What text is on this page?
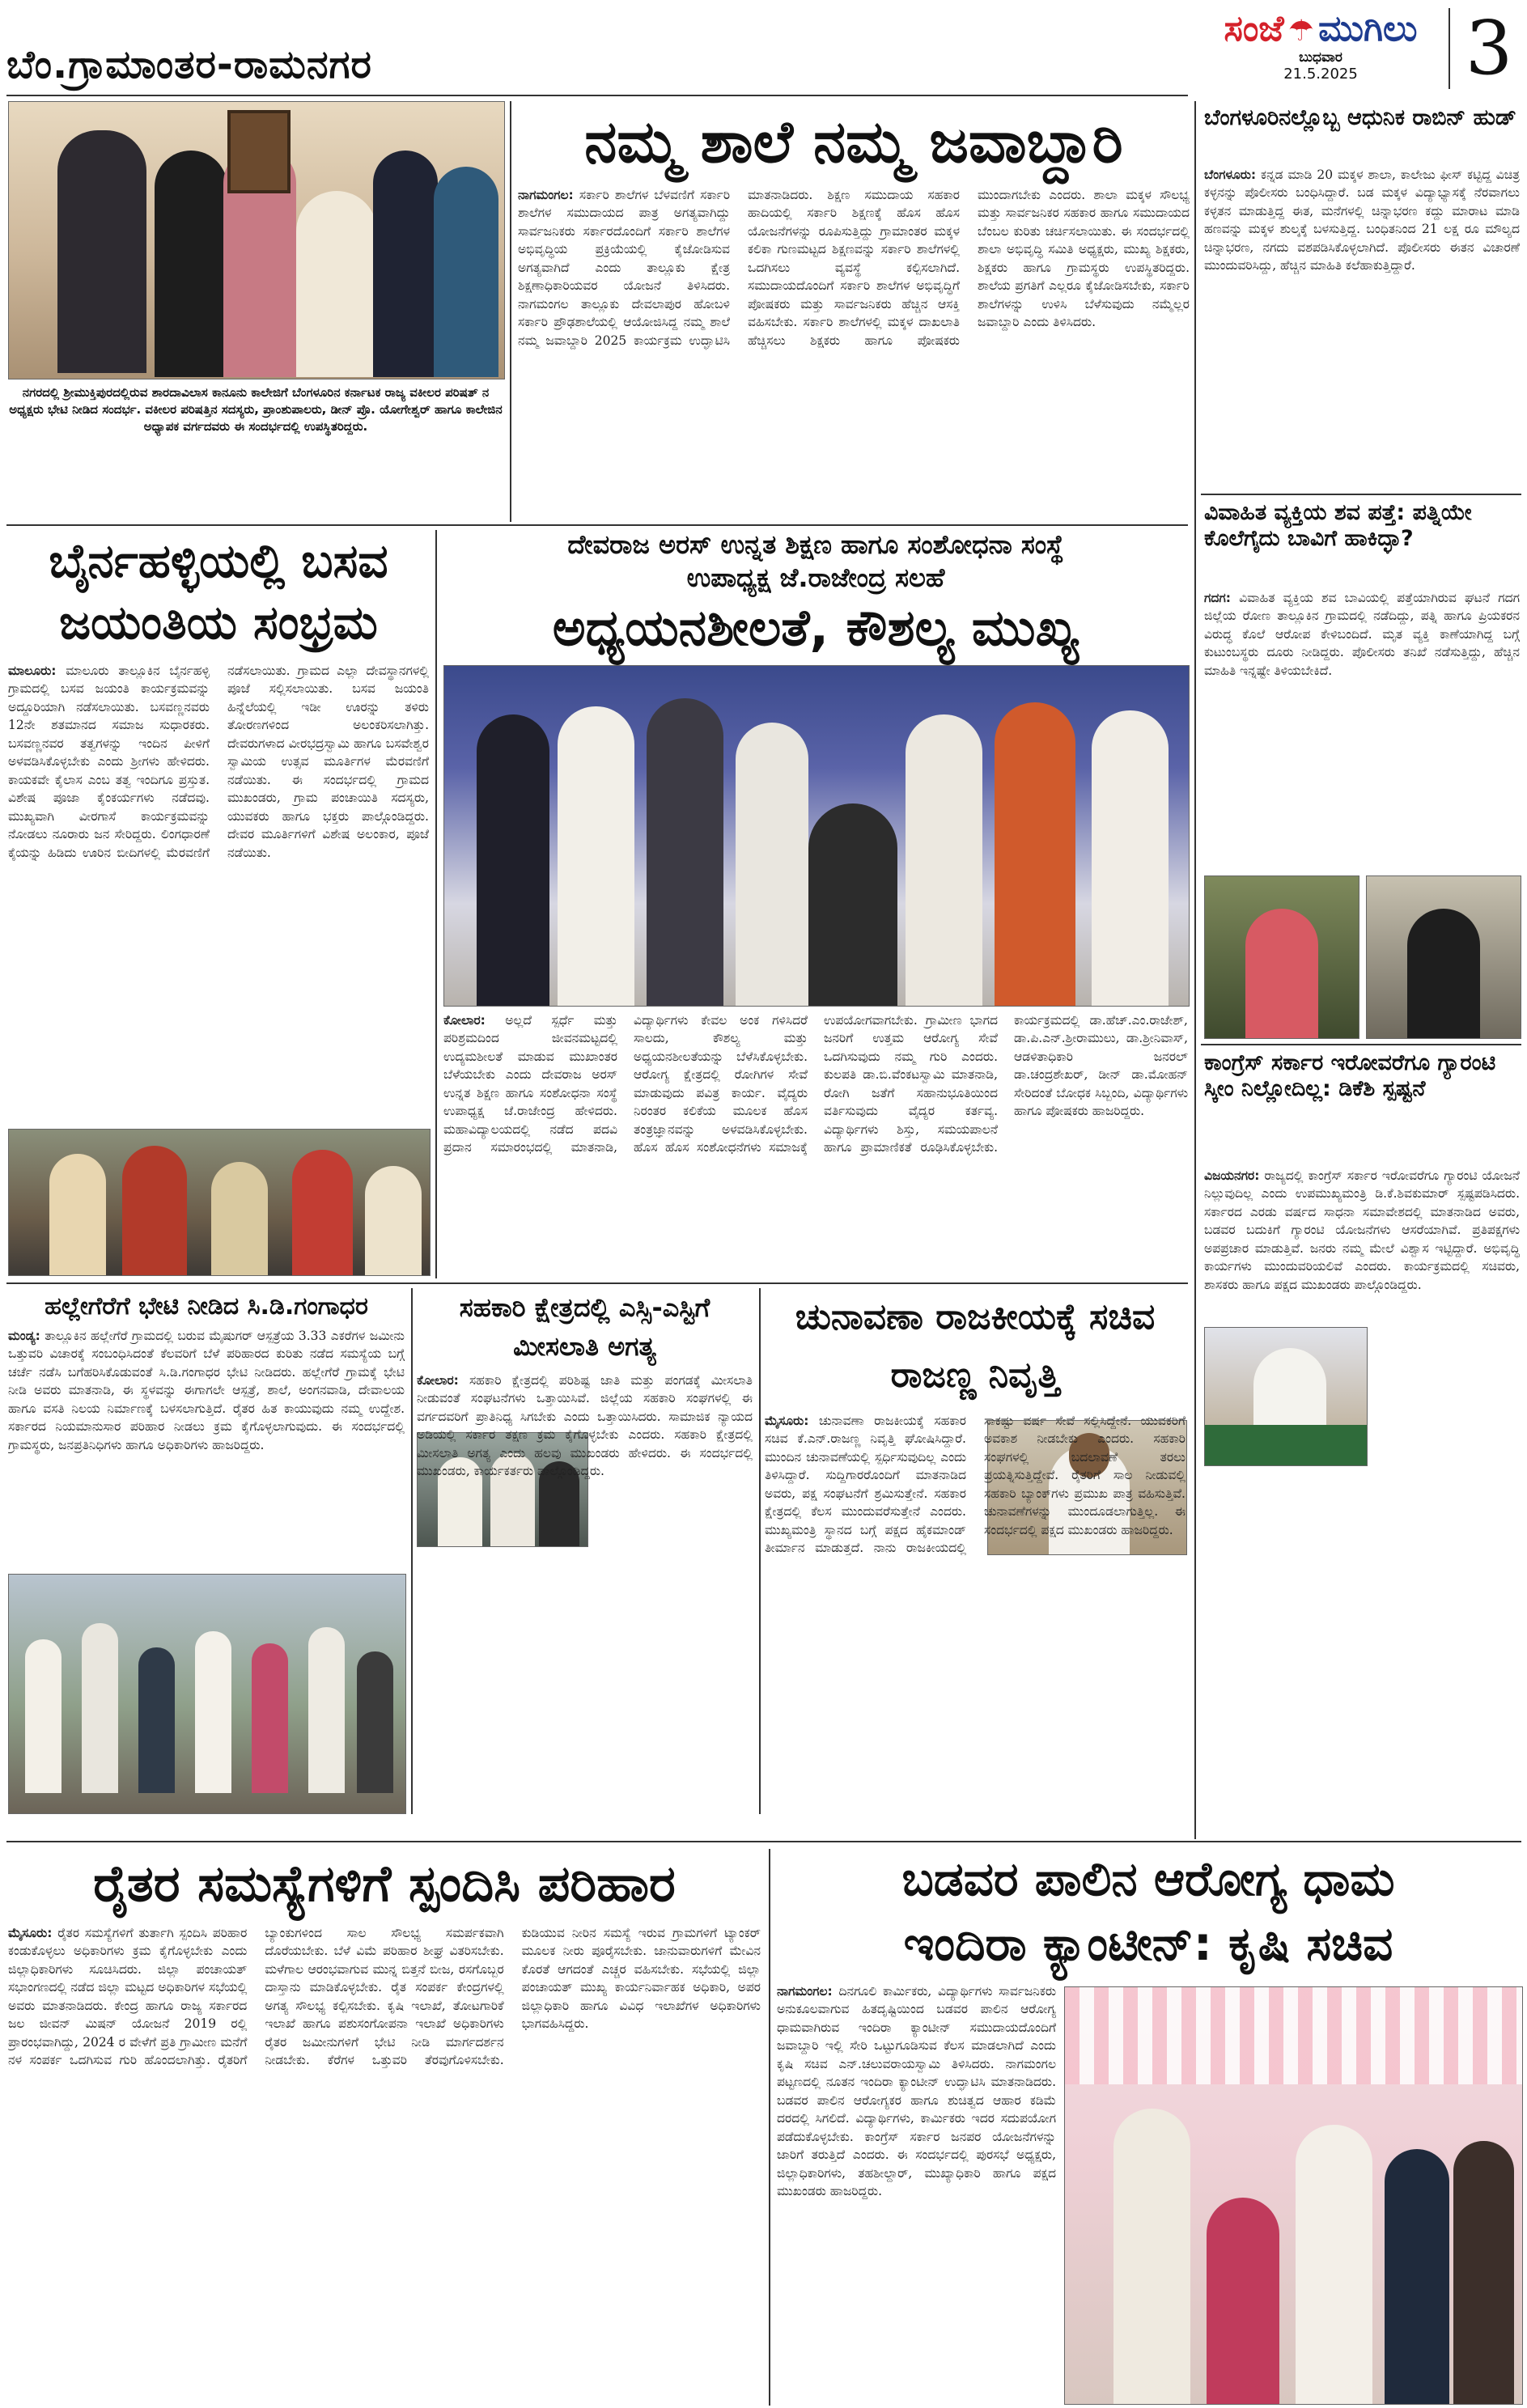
ಬೆಂ.ಗ್ರಾಮಾಂತರ-ರಾಮನಗರ
ಸಂಜೆ ☂ ಮುಗಿಲು
ಬುಧವಾರ
21.5.2025	3
ನಗರದಲ್ಲಿ ಶ್ರೀಮುಕ್ತಿಪುರದಲ್ಲಿರುವ ಶಾರದಾವಿಲಾಸ ಕಾನೂನು ಕಾಲೇಜಿಗೆ ಬೆಂಗಳೂರಿನ ಕರ್ನಾಟಕ ರಾಜ್ಯ ವಕೀಲರ ಪರಿಷತ್ ನ ಅಧ್ಯಕ್ಷರು ಭೇಟಿ ನೀಡಿದ ಸಂದರ್ಭ. ವಕೀಲರ ಪರಿಷತ್ತಿನ ಸದಸ್ಯರು, ಪ್ರಾಂಶುಪಾಲರು, ಡೀನ್ ಪ್ರೊ. ಯೋಗೇಶ್ವರ್ ಹಾಗೂ ಕಾಲೇಜಿನ ಅಧ್ಯಾಪಕ ವರ್ಗದವರು ಈ ಸಂದರ್ಭದಲ್ಲಿ ಉಪಸ್ಥಿತರಿದ್ದರು.
ನಮ್ಮ ಶಾಲೆ ನಮ್ಮ ಜವಾಬ್ದಾರಿ
ನಾಗಮಂಗಲ: ಸರ್ಕಾರಿ ಶಾಲೆಗಳ ಬೆಳವಣಿಗೆ ಸರ್ಕಾರಿ ಶಾಲೆಗಳ ಸಮುದಾಯದ ಪಾತ್ರ ಅಗತ್ಯವಾಗಿದ್ದು ಸಾರ್ವಜನಿಕರು ಸರ್ಕಾರದೊಂದಿಗೆ ಸರ್ಕಾರಿ ಶಾಲೆಗಳ ಅಭಿವೃದ್ಧಿಯ ಪ್ರಕ್ರಿಯೆಯಲ್ಲಿ ಕೈಜೋಡಿಸುವ ಅಗತ್ಯವಾಗಿದೆ ಎಂದು ತಾಲ್ಲೂಕು ಕ್ಷೇತ್ರ ಶಿಕ್ಷಣಾಧಿಕಾರಿಯವರ ಯೋಜನೆ ತಿಳಿಸಿದರು. ನಾಗಮಂಗಲ ತಾಲ್ಲೂಕು ದೇವಲಾಪುರ ಹೋಬಳಿ ಸರ್ಕಾರಿ ಪ್ರೌಢಶಾಲೆಯಲ್ಲಿ ಆಯೋಜಿಸಿದ್ದ ನಮ್ಮ ಶಾಲೆ ನಮ್ಮ ಜವಾಬ್ದಾರಿ 2025 ಕಾರ್ಯಕ್ರಮ ಉದ್ಘಾಟಿಸಿ ಮಾತನಾಡಿದರು. ಶಿಕ್ಷಣ ಸಮುದಾಯ ಸಹಕಾರ ಹಾದಿಯಲ್ಲಿ ಸರ್ಕಾರಿ ಶಿಕ್ಷಣಕ್ಕೆ ಹೊಸ ಹೊಸ ಯೋಜನೆಗಳನ್ನು ರೂಪಿಸುತ್ತಿದ್ದು ಗ್ರಾಮಾಂತರ ಮಕ್ಕಳ ಕಲಿಕಾ ಗುಣಮಟ್ಟದ ಶಿಕ್ಷಣವನ್ನು ಸರ್ಕಾರಿ ಶಾಲೆಗಳಲ್ಲಿ ಒದಗಿಸಲು ವ್ಯವಸ್ಥೆ ಕಲ್ಪಿಸಲಾಗಿದೆ. ಸಮುದಾಯದೊಂದಿಗೆ ಸರ್ಕಾರಿ ಶಾಲೆಗಳ ಅಭಿವೃದ್ಧಿಗೆ ಪೋಷಕರು ಮತ್ತು ಸಾರ್ವಜನಿಕರು ಹೆಚ್ಚಿನ ಆಸಕ್ತಿ ವಹಿಸಬೇಕು. ಸರ್ಕಾರಿ ಶಾಲೆಗಳಲ್ಲಿ ಮಕ್ಕಳ ದಾಖಲಾತಿ ಹೆಚ್ಚಿಸಲು ಶಿಕ್ಷಕರು ಹಾಗೂ ಪೋಷಕರು ಮುಂದಾಗಬೇಕು ಎಂದರು. ಶಾಲಾ ಮಕ್ಕಳ ಸೌಲಭ್ಯ ಮತ್ತು ಸಾರ್ವಜನಿಕರ ಸಹಕಾರ ಹಾಗೂ ಸಮುದಾಯದ ಬೆಂಬಲ ಕುರಿತು ಚರ್ಚಿಸಲಾಯಿತು. ಈ ಸಂದರ್ಭದಲ್ಲಿ ಶಾಲಾ ಅಭಿವೃದ್ಧಿ ಸಮಿತಿ ಅಧ್ಯಕ್ಷರು, ಮುಖ್ಯ ಶಿಕ್ಷಕರು, ಶಿಕ್ಷಕರು ಹಾಗೂ ಗ್ರಾಮಸ್ಥರು ಉಪಸ್ಥಿತರಿದ್ದರು. ಶಾಲೆಯ ಪ್ರಗತಿಗೆ ಎಲ್ಲರೂ ಕೈಜೋಡಿಸಬೇಕು, ಸರ್ಕಾರಿ ಶಾಲೆಗಳನ್ನು ಉಳಿಸಿ ಬೆಳೆಸುವುದು ನಮ್ಮೆಲ್ಲರ ಜವಾಬ್ದಾರಿ ಎಂದು ತಿಳಿಸಿದರು.
ಬೈರ್ನಹಳ್ಳಿಯಲ್ಲಿ ಬಸವ ಜಯಂತಿಯ ಸಂಭ್ರಮ
ಮಾಲೂರು: ಮಾಲೂರು ತಾಲ್ಲೂಕಿನ ಬೈರ್ನಹಳ್ಳಿ ಗ್ರಾಮದಲ್ಲಿ ಬಸವ ಜಯಂತಿ ಕಾರ್ಯಕ್ರಮವನ್ನು ಅದ್ದೂರಿಯಾಗಿ ನಡೆಸಲಾಯಿತು. ಬಸವಣ್ಣನವರು 12ನೇ ಶತಮಾನದ ಸಮಾಜ ಸುಧಾರಕರು. ಬಸವಣ್ಣನವರ ತತ್ವಗಳನ್ನು ಇಂದಿನ ಪೀಳಿಗೆ ಅಳವಡಿಸಿಕೊಳ್ಳಬೇಕು ಎಂದು ಶ್ರೀಗಳು ಹೇಳಿದರು. ಕಾಯಕವೇ ಕೈಲಾಸ ಎಂಬ ತತ್ವ ಇಂದಿಗೂ ಪ್ರಸ್ತುತ. ವಿಶೇಷ ಪೂಜಾ ಕೈಂಕರ್ಯಗಳು ನಡೆದವು. ಮುಖ್ಯವಾಗಿ ವೀರಗಾಸೆ ಕಾರ್ಯಕ್ರಮವನ್ನು ನೋಡಲು ನೂರಾರು ಜನ ಸೇರಿದ್ದರು. ಲಿಂಗಧಾರಣೆ ಕೈಯನ್ನು ಹಿಡಿದು ಊರಿನ ಬೀದಿಗಳಲ್ಲಿ ಮೆರವಣಿಗೆ ನಡೆಸಲಾಯಿತು. ಗ್ರಾಮದ ಎಲ್ಲಾ ದೇವಸ್ಥಾನಗಳಲ್ಲಿ ಪೂಜೆ ಸಲ್ಲಿಸಲಾಯಿತು. ಬಸವ ಜಯಂತಿ ಹಿನ್ನೆಲೆಯಲ್ಲಿ ಇಡೀ ಊರನ್ನು ತಳಿರು ತೋರಣಗಳಿಂದ ಅಲಂಕರಿಸಲಾಗಿತ್ತು. ದೇವರುಗಳಾದ ವೀರಭದ್ರಸ್ವಾಮಿ ಹಾಗೂ ಬಸವೇಶ್ವರ ಸ್ವಾಮಿಯ ಉತ್ಸವ ಮೂರ್ತಿಗಳ ಮೆರವಣಿಗೆ ನಡೆಯಿತು. ಈ ಸಂದರ್ಭದಲ್ಲಿ ಗ್ರಾಮದ ಮುಖಂಡರು, ಗ್ರಾಮ ಪಂಚಾಯಿತಿ ಸದಸ್ಯರು, ಯುವಕರು ಹಾಗೂ ಭಕ್ತರು ಪಾಲ್ಗೊಂಡಿದ್ದರು. ದೇವರ ಮೂರ್ತಿಗಳಿಗೆ ವಿಶೇಷ ಅಲಂಕಾರ, ಪೂಜೆ ನಡೆಯಿತು.
ದೇವರಾಜ ಅರಸ್ ಉನ್ನತ ಶಿಕ್ಷಣ ಹಾಗೂ ಸಂಶೋಧನಾ ಸಂಸ್ಥೆ
ಉಪಾಧ್ಯಕ್ಷ ಜೆ.ರಾಜೇಂದ್ರ ಸಲಹೆ
ಅಧ್ಯಯನಶೀಲತೆ, ಕೌಶಲ್ಯ ಮುಖ್ಯ
ಕೋಲಾರ: ಅಲ್ಲದೆ ಸ್ಪರ್ಧೆ ಮತ್ತು ಪರಿಶ್ರಮದಿಂದ ಜೀವನಮಟ್ಟದಲ್ಲಿ ಉದ್ಯಮಶೀಲತೆ ಮಾಡುವ ಮುಖಾಂತರ ಬೆಳೆಯಬೇಕು ಎಂದು ದೇವರಾಜ ಅರಸ್ ಉನ್ನತ ಶಿಕ್ಷಣ ಹಾಗೂ ಸಂಶೋಧನಾ ಸಂಸ್ಥೆ ಉಪಾಧ್ಯಕ್ಷ ಜೆ.ರಾಜೇಂದ್ರ ಹೇಳಿದರು. ಮಹಾವಿದ್ಯಾಲಯದಲ್ಲಿ ನಡೆದ ಪದವಿ ಪ್ರದಾನ ಸಮಾರಂಭದಲ್ಲಿ ಮಾತನಾಡಿ, ವಿದ್ಯಾರ್ಥಿಗಳು ಕೇವಲ ಅಂಕ ಗಳಿಸಿದರೆ ಸಾಲದು, ಕೌಶಲ್ಯ ಮತ್ತು ಅಧ್ಯಯನಶೀಲತೆಯನ್ನು ಬೆಳೆಸಿಕೊಳ್ಳಬೇಕು. ಆರೋಗ್ಯ ಕ್ಷೇತ್ರದಲ್ಲಿ ರೋಗಿಗಳ ಸೇವೆ ಮಾಡುವುದು ಪವಿತ್ರ ಕಾರ್ಯ. ವೈದ್ಯರು ನಿರಂತರ ಕಲಿಕೆಯ ಮೂಲಕ ಹೊಸ ತಂತ್ರಜ್ಞಾನವನ್ನು ಅಳವಡಿಸಿಕೊಳ್ಳಬೇಕು. ಹೊಸ ಹೊಸ ಸಂಶೋಧನೆಗಳು ಸಮಾಜಕ್ಕೆ ಉಪಯೋಗವಾಗಬೇಕು. ಗ್ರಾಮೀಣ ಭಾಗದ ಜನರಿಗೆ ಉತ್ತಮ ಆರೋಗ್ಯ ಸೇವೆ ಒದಗಿಸುವುದು ನಮ್ಮ ಗುರಿ ಎಂದರು. ಕುಲಪತಿ ಡಾ.ಬಿ.ವೆಂಕಟಸ್ವಾಮಿ ಮಾತನಾಡಿ, ರೋಗಿ ಜತೆಗೆ ಸಹಾನುಭೂತಿಯಿಂದ ವರ್ತಿಸುವುದು ವೈದ್ಯರ ಕರ್ತವ್ಯ. ವಿದ್ಯಾರ್ಥಿಗಳು ಶಿಸ್ತು, ಸಮಯಪಾಲನೆ ಹಾಗೂ ಪ್ರಾಮಾಣಿಕತೆ ರೂಢಿಸಿಕೊಳ್ಳಬೇಕು. ಕಾರ್ಯಕ್ರಮದಲ್ಲಿ ಡಾ.ಹೆಚ್.ಎಂ.ರಾಜೇಶ್, ಡಾ.ಪಿ.ಎನ್.ಶ್ರೀರಾಮುಲು, ಡಾ.ಶ್ರೀನಿವಾಸ್, ಆಡಳಿತಾಧಿಕಾರಿ ಜನರಲ್ ಡಾ.ಚಂದ್ರಶೇಖರ್, ಡೀನ್ ಡಾ.ಮೋಹನ್ ಸೇರಿದಂತೆ ಬೋಧಕ ಸಿಬ್ಬಂದಿ, ವಿದ್ಯಾರ್ಥಿಗಳು ಹಾಗೂ ಪೋಷಕರು ಹಾಜರಿದ್ದರು.
ಹಲ್ಲೇಗೆರೆಗೆ ಭೇಟಿ ನೀಡಿದ ಸಿ.ಡಿ.ಗಂಗಾಧರ
ಮಂಡ್ಯ: ತಾಲ್ಲೂಕಿನ ಹಲ್ಲೇಗೆರೆ ಗ್ರಾಮದಲ್ಲಿ ಬರುವ ಮೈಷುಗರ್ ಆಸ್ಪತ್ರೆಯ 3.33 ಎಕರೆಗಳ ಜಮೀನು ಒತ್ತುವರಿ ವಿಚಾರಕ್ಕೆ ಸಂಬಂಧಿಸಿದಂತೆ ಕೆಲವರಿಗೆ ಬೆಳೆ ಪರಿಹಾರದ ಕುರಿತು ನಡೆದ ಸಮಸ್ಯೆಯ ಬಗ್ಗೆ ಚರ್ಚೆ ನಡೆಸಿ ಬಗೆಹರಿಸಿಕೊಡುವಂತೆ ಸಿ.ಡಿ.ಗಂಗಾಧರ ಭೇಟಿ ನೀಡಿದರು. ಹಲ್ಲೇಗೆರೆ ಗ್ರಾಮಕ್ಕೆ ಭೇಟಿ ನೀಡಿ ಅವರು ಮಾತನಾಡಿ, ಈ ಸ್ಥಳವನ್ನು ಈಗಾಗಲೇ ಆಸ್ಪತ್ರೆ, ಶಾಲೆ, ಅಂಗನವಾಡಿ, ದೇವಾಲಯ ಹಾಗೂ ವಸತಿ ನಿಲಯ ನಿರ್ಮಾಣಕ್ಕೆ ಬಳಸಲಾಗುತ್ತಿದೆ. ರೈತರ ಹಿತ ಕಾಯುವುದು ನಮ್ಮ ಉದ್ದೇಶ. ಸರ್ಕಾರದ ನಿಯಮಾನುಸಾರ ಪರಿಹಾರ ನೀಡಲು ಕ್ರಮ ಕೈಗೊಳ್ಳಲಾಗುವುದು. ಈ ಸಂದರ್ಭದಲ್ಲಿ ಗ್ರಾಮಸ್ಥರು, ಜನಪ್ರತಿನಿಧಿಗಳು ಹಾಗೂ ಅಧಿಕಾರಿಗಳು ಹಾಜರಿದ್ದರು.
ಸಹಕಾರಿ ಕ್ಷೇತ್ರದಲ್ಲಿ ಎಸ್ಸಿ-ಎಸ್ಟಿಗೆ ಮೀಸಲಾತಿ ಅಗತ್ಯ
ಕೋಲಾರ: ಸಹಕಾರಿ ಕ್ಷೇತ್ರದಲ್ಲಿ ಪರಿಶಿಷ್ಟ ಜಾತಿ ಮತ್ತು ಪಂಗಡಕ್ಕೆ ಮೀಸಲಾತಿ ನೀಡುವಂತೆ ಸಂಘಟನೆಗಳು ಒತ್ತಾಯಿಸಿವೆ. ಜಿಲ್ಲೆಯ ಸಹಕಾರಿ ಸಂಘಗಳಲ್ಲಿ ಈ ವರ್ಗದವರಿಗೆ ಪ್ರಾತಿನಿಧ್ಯ ಸಿಗಬೇಕು ಎಂದು ಒತ್ತಾಯಿಸಿದರು. ಸಾಮಾಜಿಕ ನ್ಯಾಯದ ಅಡಿಯಲ್ಲಿ ಸರ್ಕಾರ ತಕ್ಷಣ ಕ್ರಮ ಕೈಗೊಳ್ಳಬೇಕು ಎಂದರು. ಸಹಕಾರಿ ಕ್ಷೇತ್ರದಲ್ಲಿ ಮೀಸಲಾತಿ ಅಗತ್ಯ ಎಂದು ಹಲವು ಮುಖಂಡರು ಹೇಳಿದರು. ಈ ಸಂದರ್ಭದಲ್ಲಿ ಮುಖಂಡರು, ಕಾರ್ಯಕರ್ತರು ಪಾಲ್ಗೊಂಡಿದ್ದರು.
ಚುನಾವಣಾ ರಾಜಕೀಯಕ್ಕೆ ಸಚಿವ ರಾಜಣ್ಣ ನಿವೃತ್ತಿ
ಮೈಸೂರು: ಚುನಾವಣಾ ರಾಜಕೀಯಕ್ಕೆ ಸಹಕಾರ ಸಚಿವ ಕೆ.ಎನ್.ರಾಜಣ್ಣ ನಿವೃತ್ತಿ ಘೋಷಿಸಿದ್ದಾರೆ. ಮುಂದಿನ ಚುನಾವಣೆಯಲ್ಲಿ ಸ್ಪರ್ಧಿಸುವುದಿಲ್ಲ ಎಂದು ತಿಳಿಸಿದ್ದಾರೆ. ಸುದ್ದಿಗಾರರೊಂದಿಗೆ ಮಾತನಾಡಿದ ಅವರು, ಪಕ್ಷ ಸಂಘಟನೆಗೆ ಶ್ರಮಿಸುತ್ತೇನೆ. ಸಹಕಾರ ಕ್ಷೇತ್ರದಲ್ಲಿ ಕೆಲಸ ಮುಂದುವರೆಸುತ್ತೇನೆ ಎಂದರು. ಮುಖ್ಯಮಂತ್ರಿ ಸ್ಥಾನದ ಬಗ್ಗೆ ಪಕ್ಷದ ಹೈಕಮಾಂಡ್ ತೀರ್ಮಾನ ಮಾಡುತ್ತದೆ. ನಾನು ರಾಜಕೀಯದಲ್ಲಿ ಸಾಕಷ್ಟು ವರ್ಷ ಸೇವೆ ಸಲ್ಲಿಸಿದ್ದೇನೆ. ಯುವಕರಿಗೆ ಅವಕಾಶ ನೀಡಬೇಕು ಎಂದರು. ಸಹಕಾರಿ ಸಂಘಗಳಲ್ಲಿ ಬದಲಾವಣೆ ತರಲು ಪ್ರಯತ್ನಿಸುತ್ತಿದ್ದೇವೆ. ರೈತರಿಗೆ ಸಾಲ ನೀಡುವಲ್ಲಿ ಸಹಕಾರಿ ಬ್ಯಾಂಕ್‌ಗಳು ಪ್ರಮುಖ ಪಾತ್ರ ವಹಿಸುತ್ತಿವೆ. ಚುನಾವಣೆಗಳನ್ನು ಮುಂದೂಡಲಾಗುತ್ತಿಲ್ಲ. ಈ ಸಂದರ್ಭದಲ್ಲಿ ಪಕ್ಷದ ಮುಖಂಡರು ಹಾಜರಿದ್ದರು.
ಬೆಂಗಳೂರಿನಲ್ಲೊಬ್ಬ ಆಧುನಿಕ ರಾಬಿನ್ ಹುಡ್
ಬೆಂಗಳೂರು: ಕನ್ನಡ ಮಾಡಿ 20 ಮಕ್ಕಳ ಶಾಲಾ, ಕಾಲೇಜು ಫೀಸ್ ಕಟ್ಟಿದ್ದ ವಿಚಿತ್ರ ಕಳ್ಳನನ್ನು ಪೊಲೀಸರು ಬಂಧಿಸಿದ್ದಾರೆ. ಬಡ ಮಕ್ಕಳ ವಿದ್ಯಾಭ್ಯಾಸಕ್ಕೆ ನೆರವಾಗಲು ಕಳ್ಳತನ ಮಾಡುತ್ತಿದ್ದ ಈತ, ಮನೆಗಳಲ್ಲಿ ಚಿನ್ನಾಭರಣ ಕದ್ದು ಮಾರಾಟ ಮಾಡಿ ಹಣವನ್ನು ಮಕ್ಕಳ ಶುಲ್ಕಕ್ಕೆ ಬಳಸುತ್ತಿದ್ದ. ಬಂಧಿತನಿಂದ 21 ಲಕ್ಷ ರೂ ಮೌಲ್ಯದ ಚಿನ್ನಾಭರಣ, ನಗದು ವಶಪಡಿಸಿಕೊಳ್ಳಲಾಗಿದೆ. ಪೊಲೀಸರು ಈತನ ವಿಚಾರಣೆ ಮುಂದುವರಿಸಿದ್ದು, ಹೆಚ್ಚಿನ ಮಾಹಿತಿ ಕಲೆಹಾಕುತ್ತಿದ್ದಾರೆ.
ವಿವಾಹಿತ ವ್ಯಕ್ತಿಯ ಶವ ಪತ್ತೆ: ಪತ್ನಿಯೇ ಕೊಲೆಗೈದು ಬಾವಿಗೆ ಹಾಕಿದ್ಳಾ?
ಗದಗ: ವಿವಾಹಿತ ವ್ಯಕ್ತಿಯ ಶವ ಬಾವಿಯಲ್ಲಿ ಪತ್ತೆಯಾಗಿರುವ ಘಟನೆ ಗದಗ ಜಿಲ್ಲೆಯ ರೋಣ ತಾಲ್ಲೂಕಿನ ಗ್ರಾಮದಲ್ಲಿ ನಡೆದಿದ್ದು, ಪತ್ನಿ ಹಾಗೂ ಪ್ರಿಯಕರನ ವಿರುದ್ಧ ಕೊಲೆ ಆರೋಪ ಕೇಳಿಬಂದಿದೆ. ಮೃತ ವ್ಯಕ್ತಿ ಕಾಣೆಯಾಗಿದ್ದ ಬಗ್ಗೆ ಕುಟುಂಬಸ್ಥರು ದೂರು ನೀಡಿದ್ದರು. ಪೊಲೀಸರು ತನಿಖೆ ನಡೆಸುತ್ತಿದ್ದು, ಹೆಚ್ಚಿನ ಮಾಹಿತಿ ಇನ್ನಷ್ಟೇ ತಿಳಿಯಬೇಕಿದೆ.
ಕಾಂಗ್ರೆಸ್ ಸರ್ಕಾರ ಇರೋವರೆಗೂ ಗ್ಯಾರಂಟಿ ಸ್ಕೀಂ ನಿಲ್ಲೋದಿಲ್ಲ: ಡಿಕೆಶಿ ಸ್ಪಷ್ಟನೆ
ವಿಜಯನಗರ: ರಾಜ್ಯದಲ್ಲಿ ಕಾಂಗ್ರೆಸ್ ಸರ್ಕಾರ ಇರೋವರೆಗೂ ಗ್ಯಾರಂಟಿ ಯೋಜನೆ ನಿಲ್ಲುವುದಿಲ್ಲ ಎಂದು ಉಪಮುಖ್ಯಮಂತ್ರಿ ಡಿ.ಕೆ.ಶಿವಕುಮಾರ್ ಸ್ಪಷ್ಟಪಡಿಸಿದರು. ಸರ್ಕಾರದ ಎರಡು ವರ್ಷದ ಸಾಧನಾ ಸಮಾವೇಶದಲ್ಲಿ ಮಾತನಾಡಿದ ಅವರು, ಬಡವರ ಬದುಕಿಗೆ ಗ್ಯಾರಂಟಿ ಯೋಜನೆಗಳು ಆಸರೆಯಾಗಿವೆ. ಪ್ರತಿಪಕ್ಷಗಳು ಅಪಪ್ರಚಾರ ಮಾಡುತ್ತಿವೆ. ಜನರು ನಮ್ಮ ಮೇಲೆ ವಿಶ್ವಾಸ ಇಟ್ಟಿದ್ದಾರೆ. ಅಭಿವೃದ್ಧಿ ಕಾರ್ಯಗಳು ಮುಂದುವರಿಯಲಿವೆ ಎಂದರು. ಕಾರ್ಯಕ್ರಮದಲ್ಲಿ ಸಚಿವರು, ಶಾಸಕರು ಹಾಗೂ ಪಕ್ಷದ ಮುಖಂಡರು ಪಾಲ್ಗೊಂಡಿದ್ದರು.
ರೈತರ ಸಮಸ್ಯೆಗಳಿಗೆ ಸ್ಪಂದಿಸಿ ಪರಿಹಾರ
ಮೈಸೂರು: ರೈತರ ಸಮಸ್ಯೆಗಳಿಗೆ ತುರ್ತಾಗಿ ಸ್ಪಂದಿಸಿ ಪರಿಹಾರ ಕಂಡುಕೊಳ್ಳಲು ಅಧಿಕಾರಿಗಳು ಕ್ರಮ ಕೈಗೊಳ್ಳಬೇಕು ಎಂದು ಜಿಲ್ಲಾಧಿಕಾರಿಗಳು ಸೂಚಿಸಿದರು. ಜಿಲ್ಲಾ ಪಂಚಾಯತ್ ಸಭಾಂಗಣದಲ್ಲಿ ನಡೆದ ಜಿಲ್ಲಾ ಮಟ್ಟದ ಅಧಿಕಾರಿಗಳ ಸಭೆಯಲ್ಲಿ ಅವರು ಮಾತನಾಡಿದರು. ಕೇಂದ್ರ ಹಾಗೂ ರಾಜ್ಯ ಸರ್ಕಾರದ ಜಲ ಜೀವನ್ ಮಿಷನ್ ಯೋಜನೆ 2019 ರಲ್ಲಿ ಪ್ರಾರಂಭವಾಗಿದ್ದು, 2024 ರ ವೇಳೆಗೆ ಪ್ರತಿ ಗ್ರಾಮೀಣ ಮನೆಗೆ ನಳ ಸಂಪರ್ಕ ಒದಗಿಸುವ ಗುರಿ ಹೊಂದಲಾಗಿತ್ತು. ರೈತರಿಗೆ ಬ್ಯಾಂಕುಗಳಿಂದ ಸಾಲ ಸೌಲಭ್ಯ ಸಮರ್ಪಕವಾಗಿ ದೊರೆಯಬೇಕು. ಬೆಳೆ ವಿಮೆ ಪರಿಹಾರ ಶೀಘ್ರ ವಿತರಿಸಬೇಕು. ಮಳೆಗಾಲ ಆರಂಭವಾಗುವ ಮುನ್ನ ಬಿತ್ತನೆ ಬೀಜ, ರಸಗೊಬ್ಬರ ದಾಸ್ತಾನು ಮಾಡಿಕೊಳ್ಳಬೇಕು. ರೈತ ಸಂಪರ್ಕ ಕೇಂದ್ರಗಳಲ್ಲಿ ಅಗತ್ಯ ಸೌಲಭ್ಯ ಕಲ್ಪಿಸಬೇಕು. ಕೃಷಿ ಇಲಾಖೆ, ತೋಟಗಾರಿಕೆ ಇಲಾಖೆ ಹಾಗೂ ಪಶುಸಂಗೋಪನಾ ಇಲಾಖೆ ಅಧಿಕಾರಿಗಳು ರೈತರ ಜಮೀನುಗಳಿಗೆ ಭೇಟಿ ನೀಡಿ ಮಾರ್ಗದರ್ಶನ ನೀಡಬೇಕು. ಕೆರೆಗಳ ಒತ್ತುವರಿ ತೆರವುಗೊಳಿಸಬೇಕು. ಕುಡಿಯುವ ನೀರಿನ ಸಮಸ್ಯೆ ಇರುವ ಗ್ರಾಮಗಳಿಗೆ ಟ್ಯಾಂಕರ್ ಮೂಲಕ ನೀರು ಪೂರೈಸಬೇಕು. ಜಾನುವಾರುಗಳಿಗೆ ಮೇವಿನ ಕೊರತೆ ಆಗದಂತೆ ಎಚ್ಚರ ವಹಿಸಬೇಕು. ಸಭೆಯಲ್ಲಿ ಜಿಲ್ಲಾ ಪಂಚಾಯತ್ ಮುಖ್ಯ ಕಾರ್ಯನಿರ್ವಾಹಕ ಅಧಿಕಾರಿ, ಅಪರ ಜಿಲ್ಲಾಧಿಕಾರಿ ಹಾಗೂ ವಿವಿಧ ಇಲಾಖೆಗಳ ಅಧಿಕಾರಿಗಳು ಭಾಗವಹಿಸಿದ್ದರು.
ಬಡವರ ಪಾಲಿನ ಆರೋಗ್ಯ ಧಾಮ
ಇಂದಿರಾ ಕ್ಯಾಂಟೀನ್: ಕೃಷಿ ಸಚಿವ
ನಾಗಮಂಗಲ: ದಿನಗೂಲಿ ಕಾರ್ಮಿಕರು, ವಿದ್ಯಾರ್ಥಿಗಳು ಸಾರ್ವಜನಿಕರು ಅನುಕೂಲವಾಗುವ ಹಿತದೃಷ್ಟಿಯಿಂದ ಬಡವರ ಪಾಲಿನ ಆರೋಗ್ಯ ಧಾಮವಾಗಿರುವ ಇಂದಿರಾ ಕ್ಯಾಂಟೀನ್ ಸಮುದಾಯದೊಂದಿಗೆ ಜವಾಬ್ದಾರಿ ಇಲ್ಲಿ ಸೇರಿ ಒಟ್ಟುಗೂಡಿಸುವ ಕೆಲಸ ಮಾಡಲಾಗಿದೆ ಎಂದು ಕೃಷಿ ಸಚಿವ ಎನ್.ಚಲುವರಾಯಸ್ವಾಮಿ ತಿಳಿಸಿದರು. ನಾಗಮಂಗಲ ಪಟ್ಟಣದಲ್ಲಿ ನೂತನ ಇಂದಿರಾ ಕ್ಯಾಂಟೀನ್ ಉದ್ಘಾಟಿಸಿ ಮಾತನಾಡಿದರು. ಬಡವರ ಪಾಲಿನ ಆರೋಗ್ಯಕರ ಹಾಗೂ ಶುಚಿತ್ವದ ಆಹಾರ ಕಡಿಮೆ ದರದಲ್ಲಿ ಸಿಗಲಿದೆ. ವಿದ್ಯಾರ್ಥಿಗಳು, ಕಾರ್ಮಿಕರು ಇದರ ಸದುಪಯೋಗ ಪಡೆದುಕೊಳ್ಳಬೇಕು. ಕಾಂಗ್ರೆಸ್ ಸರ್ಕಾರ ಜನಪರ ಯೋಜನೆಗಳನ್ನು ಜಾರಿಗೆ ತರುತ್ತಿದೆ ಎಂದರು. ಈ ಸಂದರ್ಭದಲ್ಲಿ ಪುರಸಭೆ ಅಧ್ಯಕ್ಷರು, ಜಿಲ್ಲಾಧಿಕಾರಿಗಳು, ತಹಶೀಲ್ದಾರ್, ಮುಖ್ಯಾಧಿಕಾರಿ ಹಾಗೂ ಪಕ್ಷದ ಮುಖಂಡರು ಹಾಜರಿದ್ದರು.
